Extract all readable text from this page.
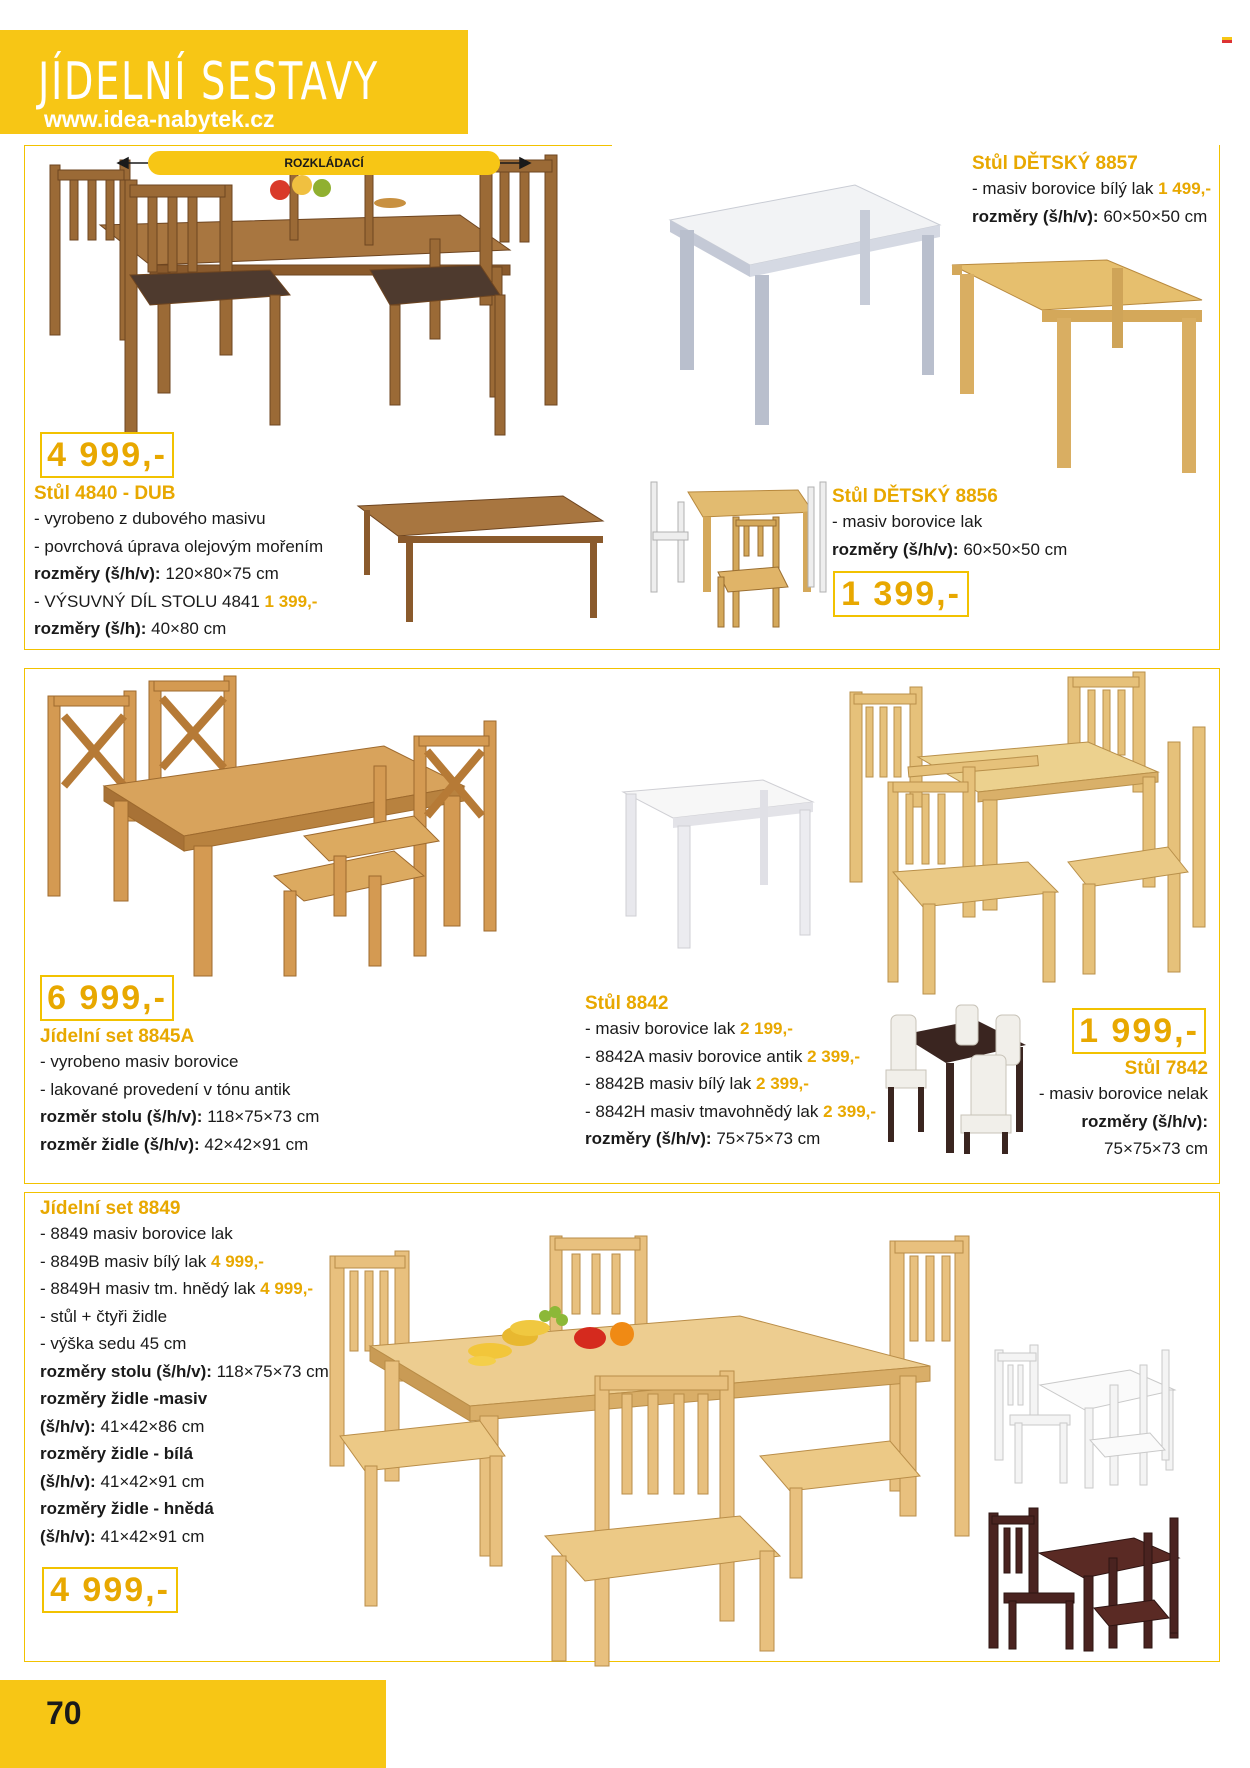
JÍDELNÍ SESTAVY
www.idea-nabytek.cz
ROZKLÁDACÍ
4 999,-
Stůl 4840 - DUB
- vyrobeno z dubového masivu
- povrchová úprava olejovým mořením
rozměry (š/h/v): 120×80×75 cm
- VÝSUVNÝ DÍL STOLU 4841 1 399,-
rozměry (š/h): 40×80 cm
Stůl DĚTSKÝ 8857
- masiv borovice bílý lak 1 499,-
rozměry (š/h/v): 60×50×50 cm
Stůl DĚTSKÝ 8856
- masiv borovice lak
rozměry (š/h/v): 60×50×50 cm
1 399,-
6 999,-
Jídelní set 8845A
- vyrobeno masiv borovice
- lakované provedení v tónu antik
rozměr stolu (š/h/v): 118×75×73 cm
rozměr židle (š/h/v): 42×42×91 cm
Stůl 8842
- masiv borovice lak 2 199,-
- 8842A masiv borovice antik 2 399,-
- 8842B masiv bílý lak 2 399,-
- 8842H masiv tmavohnědý lak 2 399,-
rozměry (š/h/v): 75×75×73 cm
1 999,-
Stůl 7842
- masiv borovice nelak
rozměry (š/h/v):
75×75×73 cm
Jídelní set 8849
- 8849 masiv borovice lak
- 8849B masiv bílý lak 4 999,-
- 8849H masiv tm. hnědý lak 4 999,-
- stůl + čtyři židle
- výška sedu 45 cm
rozměry stolu (š/h/v): 118×75×73 cm
rozměry židle -masiv
(š/h/v): 41×42×86 cm
rozměry židle - bílá
(š/h/v): 41×42×91 cm
rozměry židle - hnědá
(š/h/v): 41×42×91 cm
4 999,-
70
